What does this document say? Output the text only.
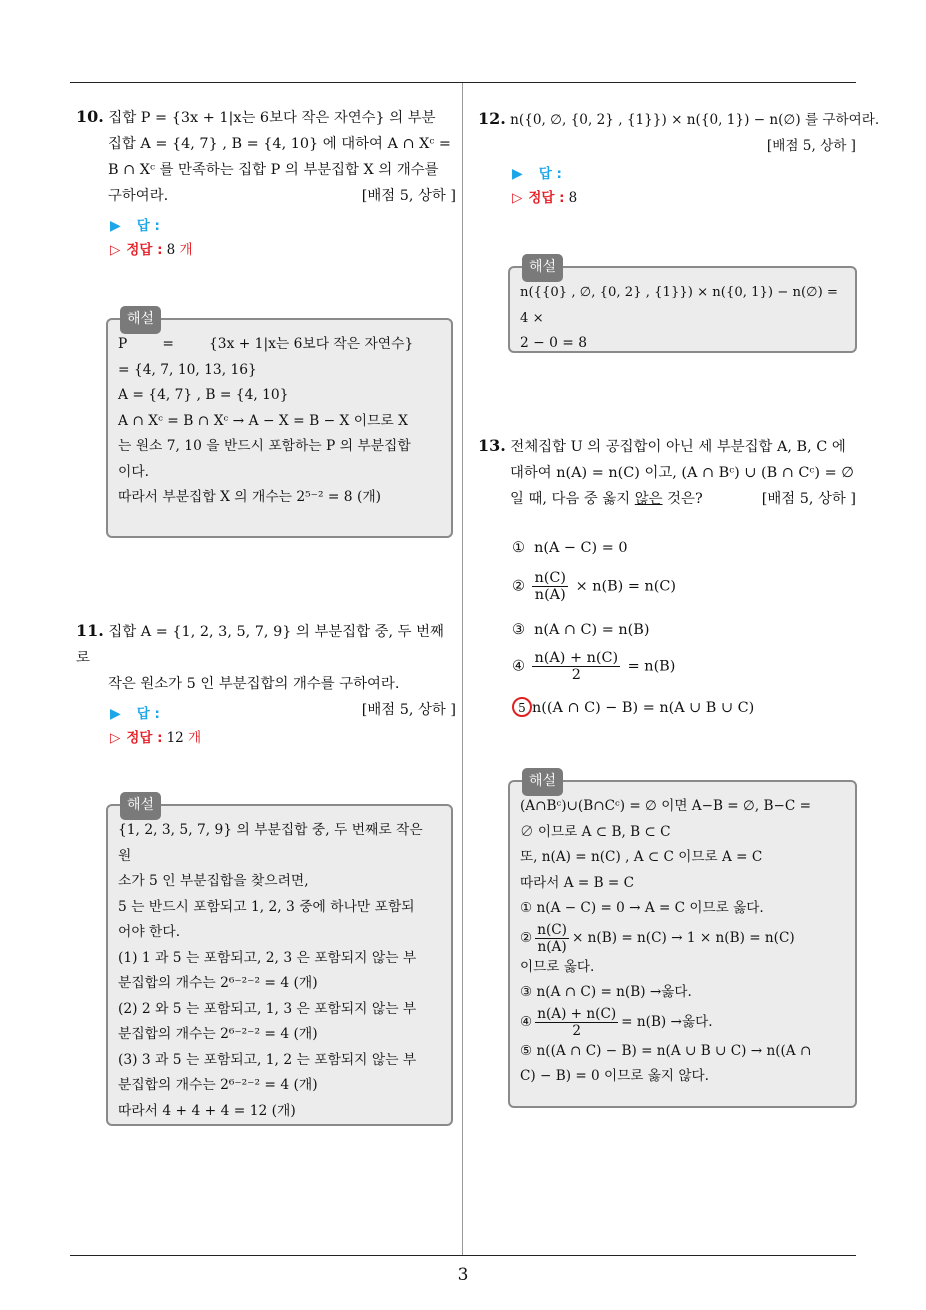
3
10. 집합 P = {3x + 1|x는 6보다 작은 자연수} 의 부분
집합 A = {4, 7} , B = {4, 10} 에 대하여 A ∩ Xᶜ =
B ∩ Xᶜ 를 만족하는 집합 P 의 부분집합 X 의 개수를
구하여라.	[배점 5, 상하 ]
▶ 답 :
▷ 정답 : 8 개
해설
P        =        {3x + 1|x는 6보다 작은 자연수}
= {4, 7, 10, 13, 16}
A = {4, 7} , B = {4, 10}
A ∩ Xᶜ = B ∩ Xᶜ → A − X = B − X 이므로 X
는 원소 7, 10 을 반드시 포함하는 P 의 부분집합
이다.
따라서 부분집합 X 의 개수는 2⁵⁻² = 8 (개)
11. 집합 A = {1, 2, 3, 5, 7, 9} 의 부분집합 중, 두 번째로
작은 원소가 5 인 부분집합의 개수를 구하여라.
[배점 5, 상하 ]
▶ 답 :
▷ 정답 : 12 개
해설
{1, 2, 3, 5, 7, 9} 의 부분집합 중, 두 번째로 작은 원
소가 5 인 부분집합을 찾으려면,
5 는 반드시 포함되고 1, 2, 3 중에 하나만 포함되
어야 한다.
(1) 1 과 5 는 포함되고, 2, 3 은 포함되지 않는 부
분집합의 개수는 2⁶⁻²⁻² = 4 (개)
(2) 2 와 5 는 포함되고, 1, 3 은 포함되지 않는 부
분집합의 개수는 2⁶⁻²⁻² = 4 (개)
(3) 3 과 5 는 포함되고, 1, 2 는 포함되지 않는 부
분집합의 개수는 2⁶⁻²⁻² = 4 (개)
따라서 4 + 4 + 4 = 12 (개)
12. n({0, ∅, {0, 2} , {1}}) × n({0, 1}) − n(∅) 를 구하여라.
[배점 5, 상하 ]
▶ 답 :
▷ 정답 : 8
해설
n({{0} , ∅, {0, 2} , {1}}) × n({0, 1}) − n(∅) = 4 ×
2 − 0 = 8
13. 전체집합 U 의 공집합이 아닌 세 부분집합 A, B, C 에
대하여 n(A) = n(C) 이고, (A ∩ Bᶜ) ∪ (B ∩ Cᶜ) = ∅
일 때, 다음 중 옳지 않은 것은?	[배점 5, 상하 ]
① n(A − C) = 0
② $\frac{n(C)}{n(A)} \times n(B) = n(C)$
③ n(A ∩ C) = n(B)
④ $\frac{n(A) + n(C)}{2} = n(B)$
5 n((A ∩ C) − B) = n(A ∪ B ∪ C)
해설
(A∩Bᶜ)∪(B∩Cᶜ) = ∅ 이면 A−B = ∅, B−C =
∅ 이므로 A ⊂ B, B ⊂ C
또, n(A) = n(C) , A ⊂ C 이므로 A = C
따라서 A = B = C
① n(A − C) = 0 → A = C 이므로 옳다.
② $\frac{n(C)}{n(A)} \times n(B) = n(C) \to 1 \times n(B) = n(C)$
이므로 옳다.
③ n(A ∩ C) = n(B) →옳다.
④ $\frac{n(A) + n(C)}{2} = n(B)$ →옳다.
⑤ n((A ∩ C) − B) = n(A ∪ B ∪ C) → n((A ∩
C) − B) = 0 이므로 옳지 않다.
